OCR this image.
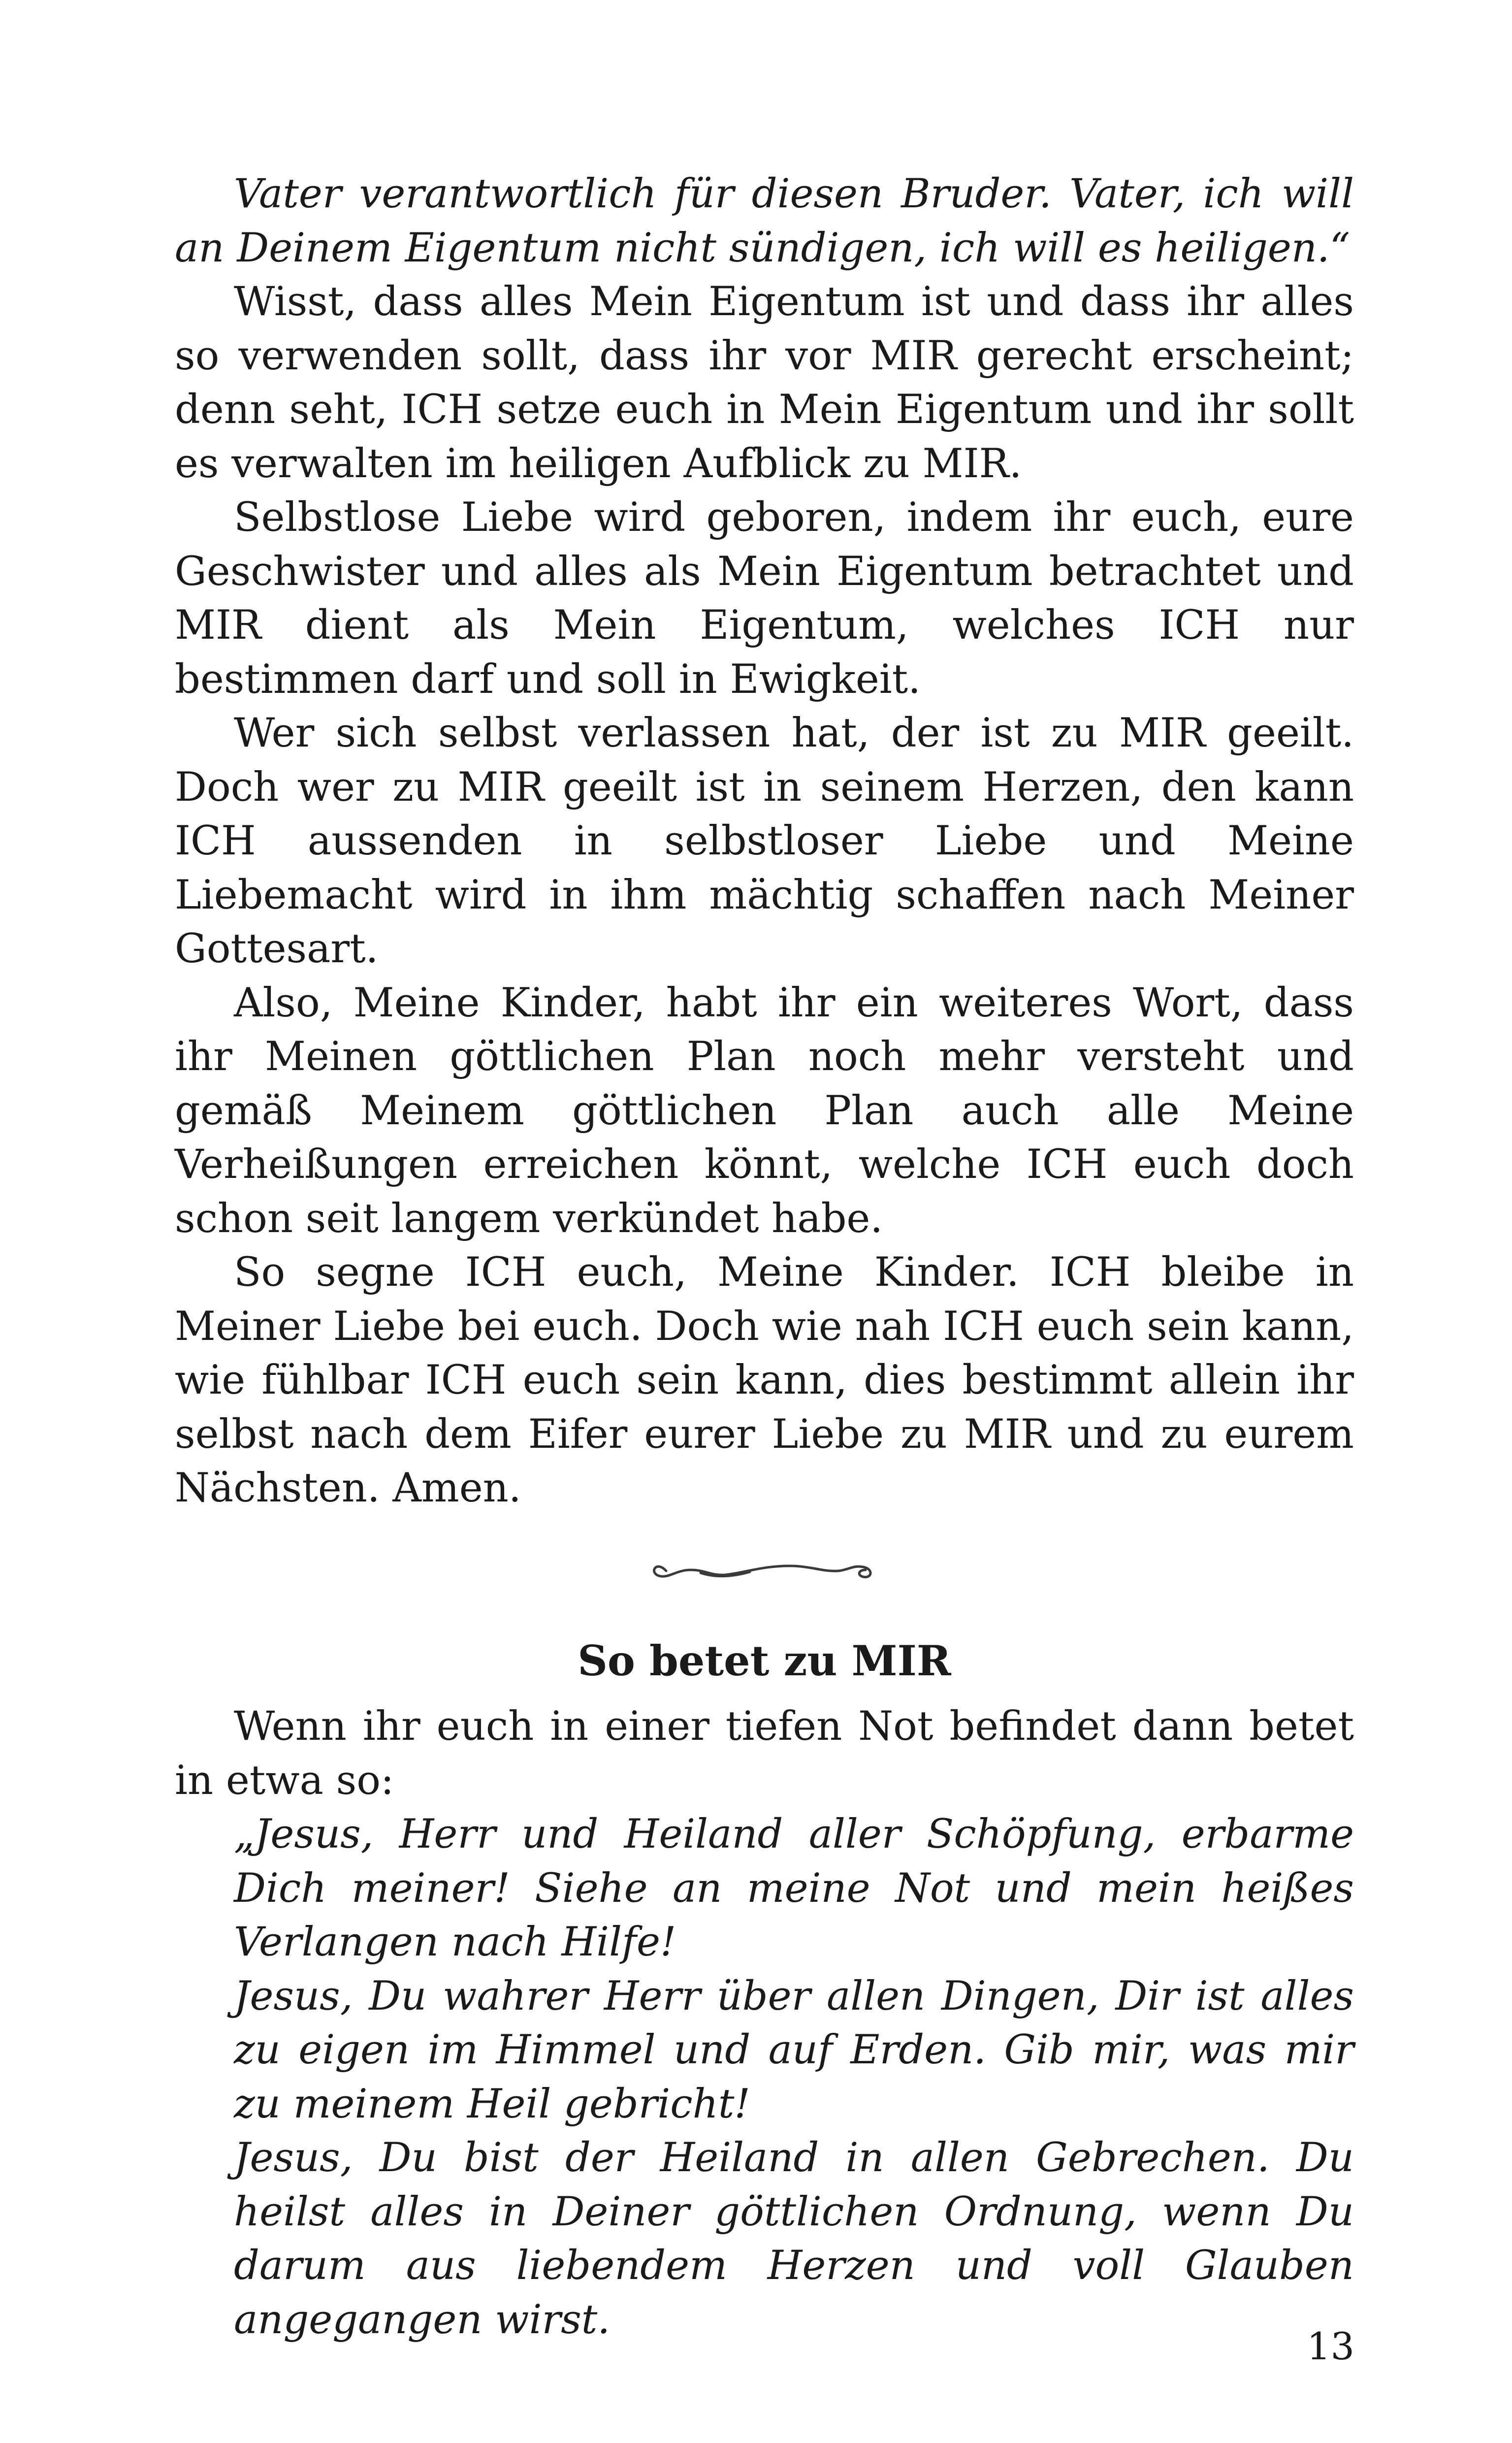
Vater verantwortlich für diesen Bruder. Vater, ich will an Deinem Eigentum nicht sündigen, ich will es heiligen.“

Wisst, dass alles Mein Eigentum ist und dass ihr alles so verwenden sollt, dass ihr vor MIR gerecht erscheint; denn seht, ICH setze euch in Mein Eigentum und ihr sollt es verwalten im heiligen Aufblick zu MIR.

Selbstlose Liebe wird geboren, indem ihr euch, eure Geschwister und alles als Mein Eigentum betrachtet und MIR dient als Mein Eigentum, welches ICH nur bestimmen darf und soll in Ewigkeit.

Wer sich selbst verlassen hat, der ist zu MIR geeilt. Doch wer zu MIR geeilt ist in seinem Herzen, den kann ICH aussenden in selbstloser Liebe und Meine Liebemacht wird in ihm mächtig schaffen nach Meiner Gottesart.

Also, Meine Kinder, habt ihr ein weiteres Wort, dass ihr Meinen göttlichen Plan noch mehr versteht und gemäß Meinem göttlichen Plan auch alle Meine Verheißungen erreichen könnt, welche ICH euch doch schon seit langem verkündet habe.

So segne ICH euch, Meine Kinder. ICH bleibe in Meiner Liebe bei euch. Doch wie nah ICH euch sein kann, wie fühlbar ICH euch sein kann, dies bestimmt allein ihr selbst nach dem Eifer eurer Liebe zu MIR und zu eurem Nächsten. Amen.

So betet zu MIR

Wenn ihr euch in einer tiefen Not befindet dann betet in etwa so:

„Jesus, Herr und Heiland aller Schöpfung, erbarme Dich meiner! Siehe an meine Not und mein heißes Verlangen nach Hilfe!

Jesus, Du wahrer Herr über allen Dingen, Dir ist alles zu eigen im Himmel und auf Erden. Gib mir, was mir zu meinem Heil gebricht!

Jesus, Du bist der Heiland in allen Gebrechen. Du heilst alles in Deiner göttlichen Ordnung, wenn Du darum aus liebendem Herzen und voll Glauben angegangen wirst.

13
